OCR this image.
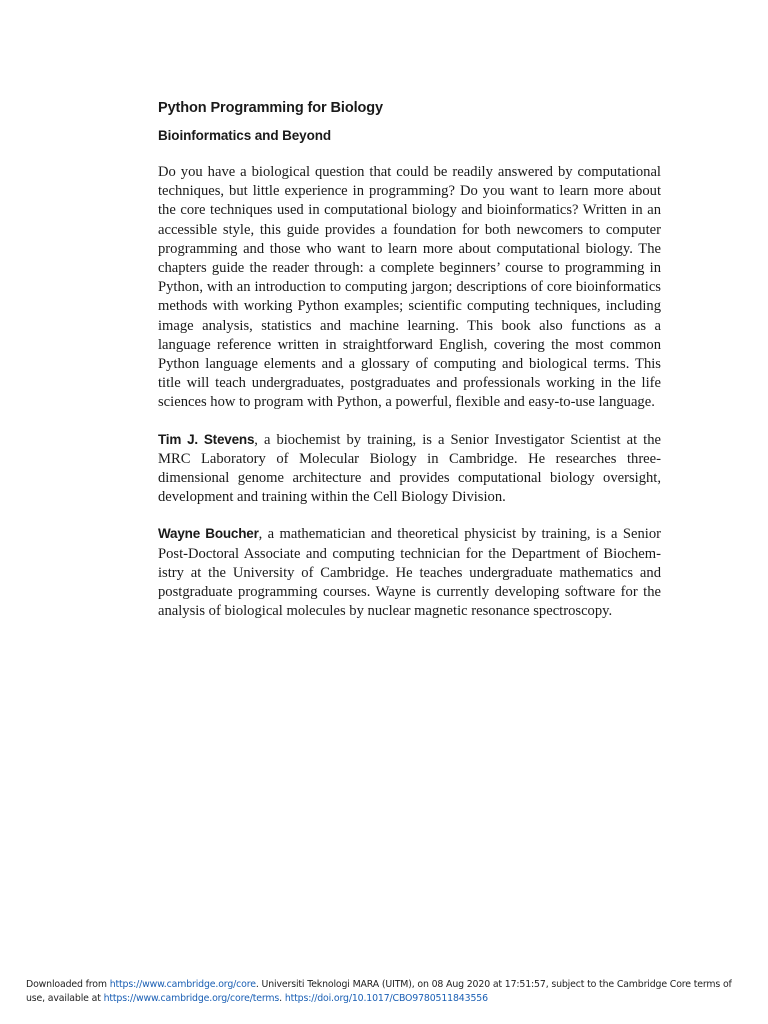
Python Programming for Biology
Bioinformatics and Beyond

Do you have a biological question that could be readily answered by computational techniques, but little experience in programming? Do you want to learn more about the core techniques used in computational biology and bioinformatics? Written in an accessible style, this guide provides a foundation for both newcomers to computer programming and those who want to learn more about computational biology. The chapters guide the reader through: a complete beginners’ course to programming in Python, with an introduction to computing jargon; descriptions of core bioinformatics methods with working Python examples; scientific computing techniques, including image analysis, statistics and machine learning. This book also functions as a language reference written in straightforward English, covering the most common Python language elements and a glossary of computing and biological terms. This title will teach undergraduates, postgraduates and professionals working in the life sciences how to program with Python, a powerful, flexible and easy-to-use language.

Tim J. Stevens, a biochemist by training, is a Senior Investigator Scientist at the MRC Laboratory of Molecular Biology in Cambridge. He researches three-dimensional genome architecture and provides computational biology oversight, development and training within the Cell Biology Division.

Wayne Boucher, a mathematician and theoretical physicist by training, is a Senior Post-Doctoral Associate and computing technician for the Department of Biochemistry at the University of Cambridge. He teaches undergraduate mathematics and postgraduate programming courses. Wayne is currently developing software for the analysis of biological molecules by nuclear magnetic resonance spectroscopy.

Downloaded from https://www.cambridge.org/core. Universiti Teknologi MARA (UITM), on 08 Aug 2020 at 17:51:57, subject to the Cambridge Core terms of use, available at https://www.cambridge.org/core/terms. https://doi.org/10.1017/CBO9780511843556
